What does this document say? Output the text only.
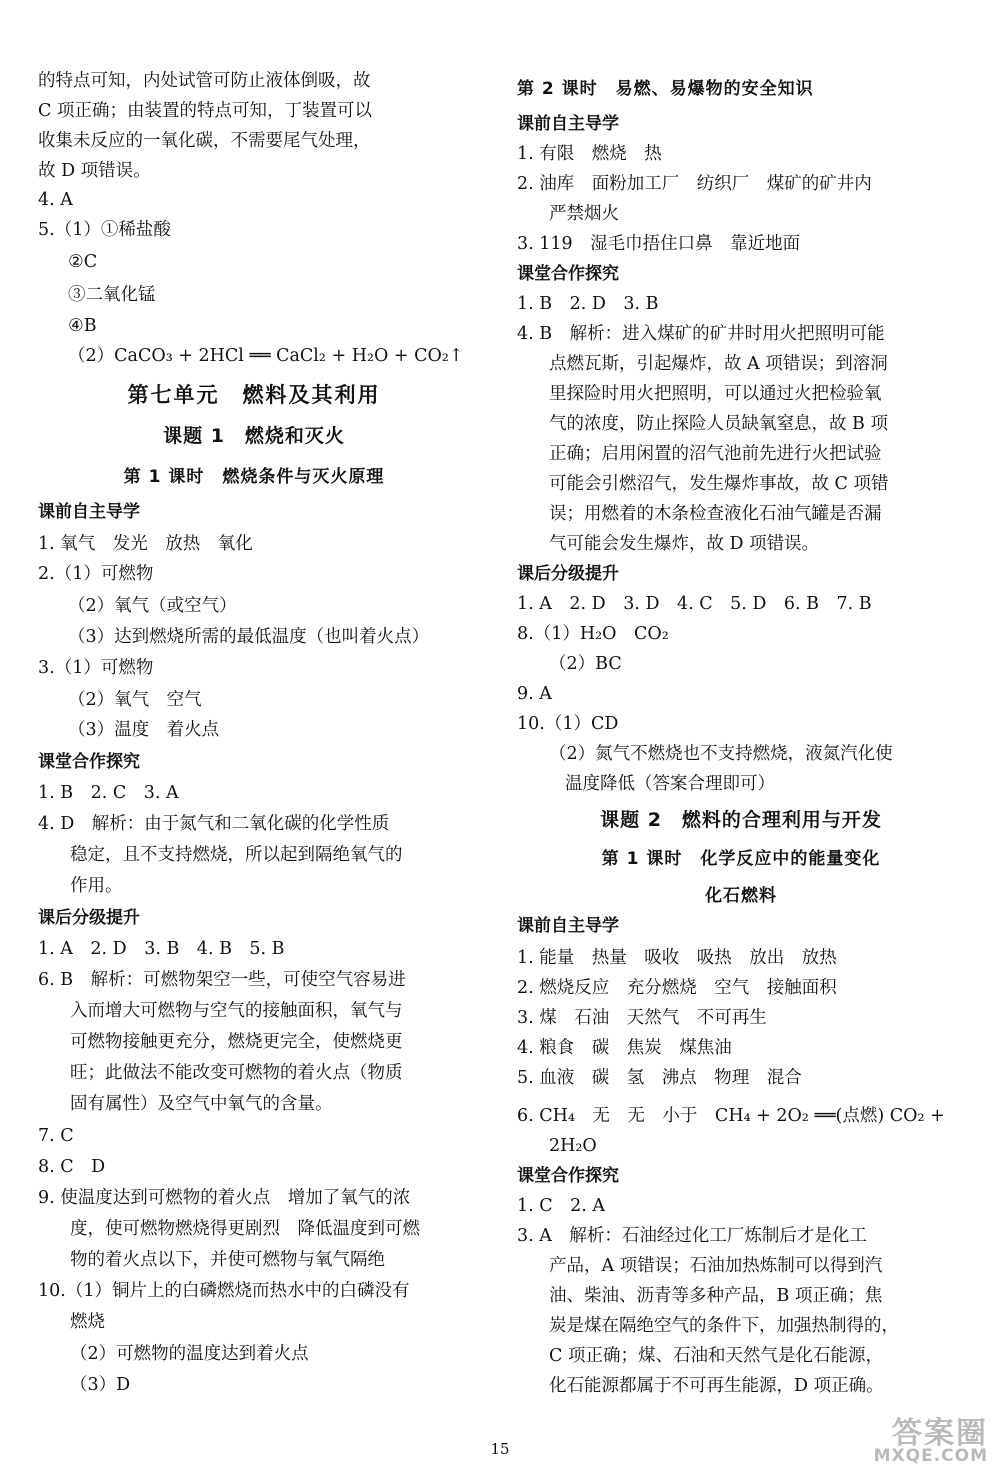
的特点可知，内处试管可防止液体倒吸，故
C 项正确；由装置的特点可知，丁装置可以
收集未反应的一氧化碳，不需要尾气处理，
故 D 项错误。
4. A
5.（1）①稀盐酸
②C
③二氧化锰
④B
（2）CaCO₃ + 2HCl ══ CaCl₂ + H₂O + CO₂↑
第七单元　燃料及其利用
课题 1　燃烧和灭火
第 1 课时　燃烧条件与灭火原理
课前自主导学
1. 氧气　发光　放热　氧化
2.（1）可燃物
（2）氧气（或空气）
（3）达到燃烧所需的最低温度（也叫着火点）
3.（1）可燃物
（2）氧气　空气
（3）温度　着火点
课堂合作探究
1. B　2. C　3. A
4. D　解析：由于氮气和二氧化碳的化学性质
稳定，且不支持燃烧，所以起到隔绝氧气的
作用。
课后分级提升
1. A　2. D　3. B　4. B　5. B
6. B　解析：可燃物架空一些，可使空气容易进
入而增大可燃物与空气的接触面积，氧气与
可燃物接触更充分，燃烧更完全，使燃烧更
旺；此做法不能改变可燃物的着火点（物质
固有属性）及空气中氧气的含量。
7. C
8. C　D
9. 使温度达到可燃物的着火点　增加了氧气的浓
度，使可燃物燃烧得更剧烈　降低温度到可燃
物的着火点以下，并使可燃物与氧气隔绝
10.（1）铜片上的白磷燃烧而热水中的白磷没有
燃烧
（2）可燃物的温度达到着火点
（3）D
第 2 课时　易燃、易爆物的安全知识
课前自主导学
1. 有限　燃烧　热
2. 油库　面粉加工厂　纺织厂　煤矿的矿井内
严禁烟火
3. 119　湿毛巾捂住口鼻　靠近地面
课堂合作探究
1. B　2. D　3. B
4. B　解析：进入煤矿的矿井时用火把照明可能
点燃瓦斯，引起爆炸，故 A 项错误；到溶洞
里探险时用火把照明，可以通过火把检验氧
气的浓度，防止探险人员缺氧窒息，故 B 项
正确；启用闲置的沼气池前先进行火把试验
可能会引燃沼气，发生爆炸事故，故 C 项错
误；用燃着的木条检查液化石油气罐是否漏
气可能会发生爆炸，故 D 项错误。
课后分级提升
1. A　2. D　3. D　4. C　5. D　6. B　7. B
8.（1）H₂O　CO₂
（2）BC
9. A
10.（1）CD
（2）氮气不燃烧也不支持燃烧，液氮汽化使
温度降低（答案合理即可）
课题 2　燃料的合理利用与开发
第 1 课时　化学反应中的能量变化
化石燃料
课前自主导学
1. 能量　热量　吸收　吸热　放出　放热
2. 燃烧反应　充分燃烧　空气　接触面积
3. 煤　石油　天然气　不可再生
4. 粮食　碳　焦炭　煤焦油
5. 血液　碳　氢　沸点　物理　混合
6. CH₄　无　无　小于　CH₄ + 2O₂ ══(点燃) CO₂ +
2H₂O
课堂合作探究
1. C　2. A
3. A　解析：石油经过化工厂炼制后才是化工
产品，A 项错误；石油加热炼制可以得到汽
油、柴油、沥青等多种产品，B 项正确；焦
炭是煤在隔绝空气的条件下，加强热制得的，
C 项正确；煤、石油和天然气是化石能源，
化石能源都属于不可再生能源，D 项正确。
15	答案圈
MXQE.COM
